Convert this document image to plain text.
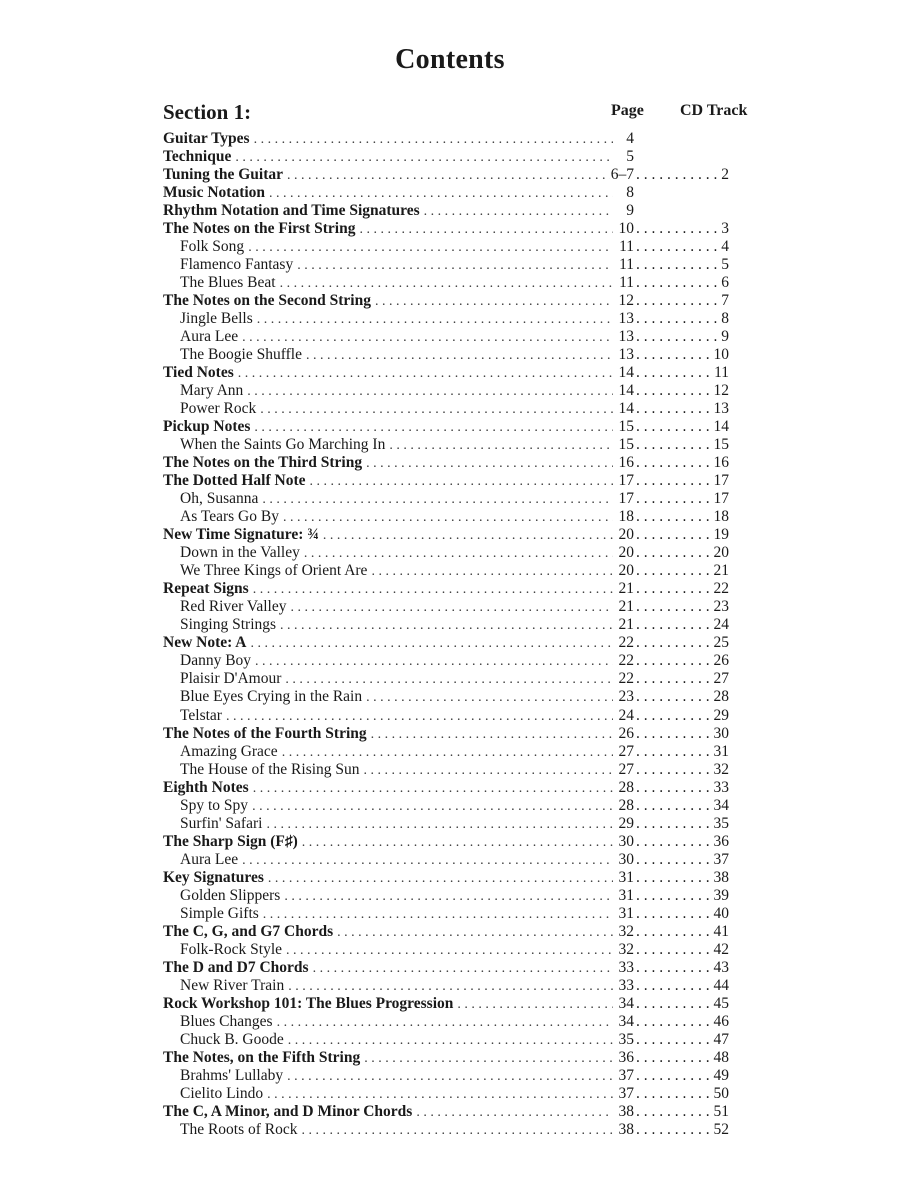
Contents
Section 1:	Page CD Track
Guitar Types . . .	4
Technique . . .	5
Tuning the Guitar . . .	6–7 . . .	2
Music Notation . . .	8
Rhythm Notation and Time Signatures . . .	9
The Notes on the First String . . .	10 . . .	3
Folk Song . . .	11 . . .	4
Flamenco Fantasy . . .	11 . . .	5
The Blues Beat . . .	11 . . .	6
The Notes on the Second String . . .	12 . . .	7
Jingle Bells . . .	13 . . .	8
Aura Lee . . .	13 . . .	9
The Boogie Shuffle . . .	13 . . .	10
Tied Notes . . .	14 . . .	11
Mary Ann . . .	14 . . .	12
Power Rock . . .	14 . . .	13
Pickup Notes . . .	15 . . .	14
When the Saints Go Marching In . . .	15 . . .	15
The Notes on the Third String . . .	16 . . .	16
The Dotted Half Note . . .	17 . . .	17
Oh, Susanna . . .	17 . . .	17
As Tears Go By . . .	18 . . .	18
New Time Signature: ¾ . . .	20 . . .	19
Down in the Valley . . .	20 . . .	20
We Three Kings of Orient Are . . .	20 . . .	21
Repeat Signs . . .	21 . . .	22
Red River Valley . . .	21 . . .	23
Singing Strings . . .	21 . . .	24
New Note: A . . .	22 . . .	25
Danny Boy . . .	22 . . .	26
Plaisir D'Amour . . .	22 . . .	27
Blue Eyes Crying in the Rain . . .	23 . . .	28
Telstar . . .	24 . . .	29
The Notes of the Fourth String . . .	26 . . .	30
Amazing Grace . . .	27 . . .	31
The House of the Rising Sun . . .	27 . . .	32
Eighth Notes . . .	28 . . .	33
Spy to Spy . . .	28 . . .	34
Surfin' Safari . . .	29 . . .	35
The Sharp Sign (F♯) . . .	30 . . .	36
Aura Lee . . .	30 . . .	37
Key Signatures . . .	31 . . .	38
Golden Slippers . . .	31 . . .	39
Simple Gifts . . .	31 . . .	40
The C, G, and G7 Chords . . .	32 . . .	41
Folk-Rock Style . . .	32 . . .	42
The D and D7 Chords . . .	33 . . .	43
New River Train . . .	33 . . .	44
Rock Workshop 101: The Blues Progression . . .	34 . . .	45
Blues Changes . . .	34 . . .	46
Chuck B. Goode . . .	35 . . .	47
The Notes, on the Fifth String . . .	36 . . .	48
Brahms' Lullaby . . .	37 . . .	49
Cielito Lindo . . .	37 . . .	50
The C, A Minor, and D Minor Chords . . .	38 . . .	51
The Roots of Rock . . .	38 . . .	52
